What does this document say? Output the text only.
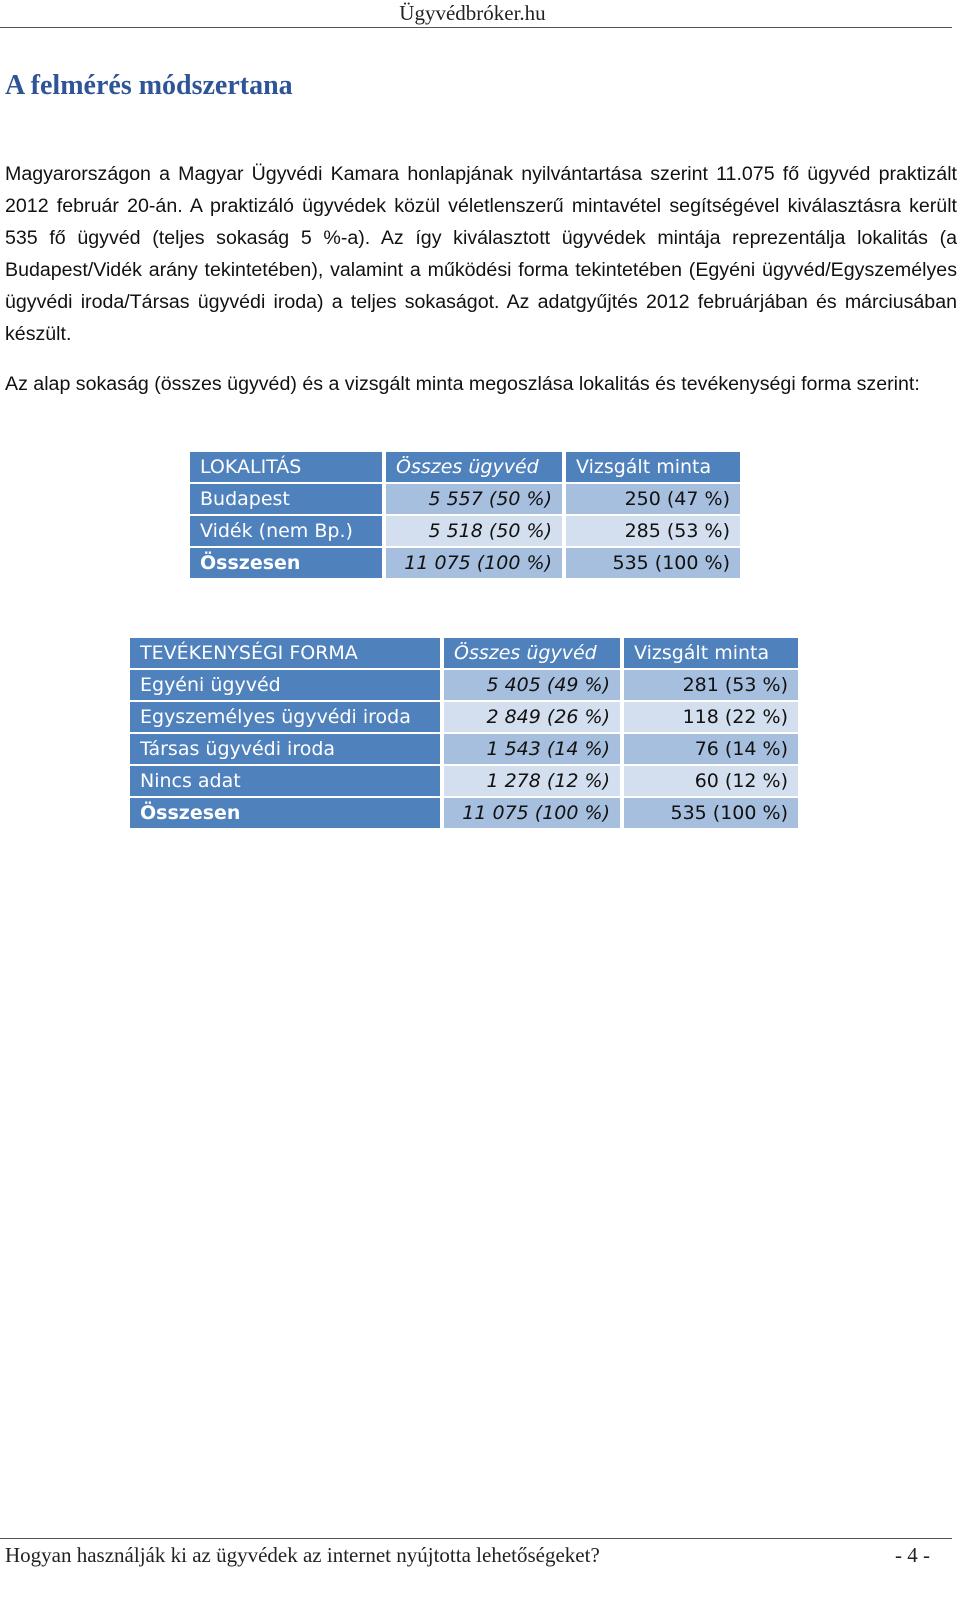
Ügyvédbróker.hu
A felmérés módszertana

Magyarországon a Magyar Ügyvédi Kamara honlapjának nyilvántartása szerint 11.075 fő ügyvéd praktizált 2012 február 20-án. A praktizáló ügyvédek közül véletlenszerű mintavétel segítségével kiválasztásra került 535 fő ügyvéd (teljes sokaság 5 %-a). Az így kiválasztott ügyvédek mintája reprezentálja lokalitás (a Budapest/Vidék arány tekintetében), valamint a működési forma tekintetében (Egyéni ügyvéd/Egyszemélyes ügyvédi iroda/Társas ügyvédi iroda) a teljes sokaságot. Az adatgyűjtés 2012 februárjában és márciusában készült.

Az alap sokaság (összes ügyvéd) és a vizsgált minta megoszlása lokalitás és tevékenységi forma szerint:

LOKALITÁS	Összes ügyvéd	Vizsgált minta
Budapest	5 557 (50 %)	250 (47 %)
Vidék (nem Bp.)	5 518 (50 %)	285 (53 %)
Összesen	11 075 (100 %)	535 (100 %)
TEVÉKENYSÉGI FORMA	Összes ügyvéd	Vizsgált minta
Egyéni ügyvéd	5 405 (49 %)	281 (53 %)
Egyszemélyes ügyvédi iroda	2 849 (26 %)	118 (22 %)
Társas ügyvédi iroda	1 543 (14 %)	76 (14 %)
Nincs adat	1 278 (12 %)	60 (12 %)
Összesen	11 075 (100 %)	535 (100 %)
Hogyan használják ki az ügyvédek az internet nyújtotta lehetőségeket?	- 4 -
